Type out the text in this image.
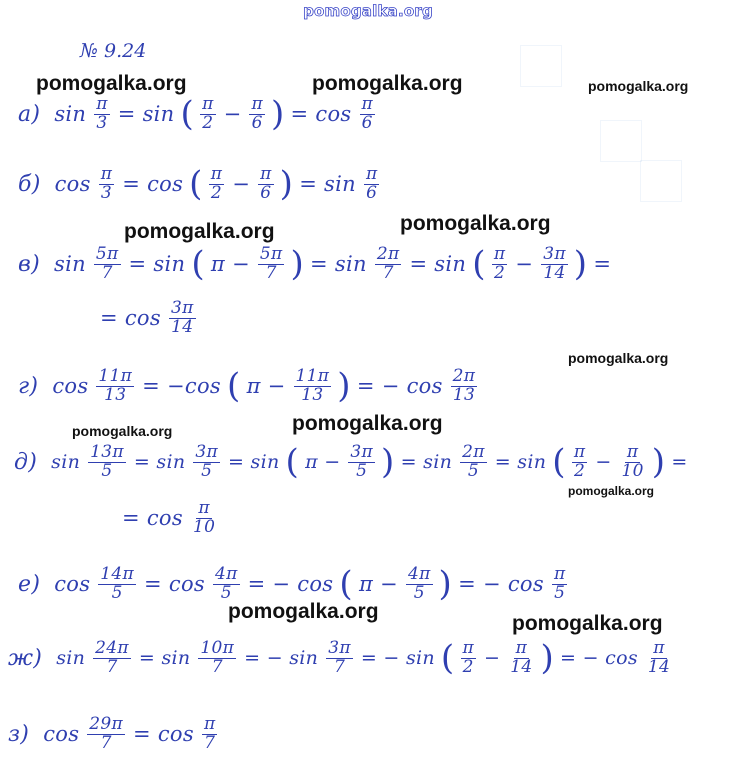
pomogalka.org
№ 9.24
а) $\sin \frac{\pi}{3} = \sin$ ( $\frac{\pi}{2} - \frac{\pi}{6}$ ) = $\cos \frac{\pi}{6}$
б) $\cos \frac{\pi}{3} = \cos$ ( $\frac{\pi}{2} - \frac{\pi}{6}$ ) = $\sin \frac{\pi}{6}$
в) $\sin \frac{5\pi}{7} = \sin$ ( $\pi - \frac{5\pi}{7}$ ) = $\sin \frac{2\pi}{7} = \sin$ ( $\frac{\pi}{2} - \frac{3\pi}{14}$ ) =
= $\cos \frac{3\pi}{14}$
г) $\cos \frac{11\pi}{13} = -\cos$ ( $\pi - \frac{11\pi}{13}$ ) = − $\cos \frac{2\pi}{13}$
д) $\sin \frac{13\pi}{5} = \sin \frac{3\pi}{5} = \sin$ ( $\pi - \frac{3\pi}{5}$ ) = $\sin \frac{2\pi}{5} = \sin$ ( $\frac{\pi}{2} - \frac{\pi}{10}$ ) =
= $\cos \frac{\pi}{10}$
е) $\cos \frac{14\pi}{5} = \cos \frac{4\pi}{5}$ = − cos ( $\pi - \frac{4\pi}{5}$ ) = − $\cos \frac{\pi}{5}$
ж) $\sin \frac{24\pi}{7} = \sin \frac{10\pi}{7}$ = − $\sin \frac{3\pi}{7}$ = − sin ( $\frac{\pi}{2} - \frac{\pi}{14}$ ) = − $\cos \frac{\pi}{14}$
з) $\cos \frac{29\pi}{7} = \cos \frac{\pi}{7}$
pomogalka.org	pomogalka.org	pomogalka.org
pomogalka.org	pomogalka.org
pomogalka.org
pomogalka.org	pomogalka.org
pomogalka.org
pomogalka.org
pomogalka.org
